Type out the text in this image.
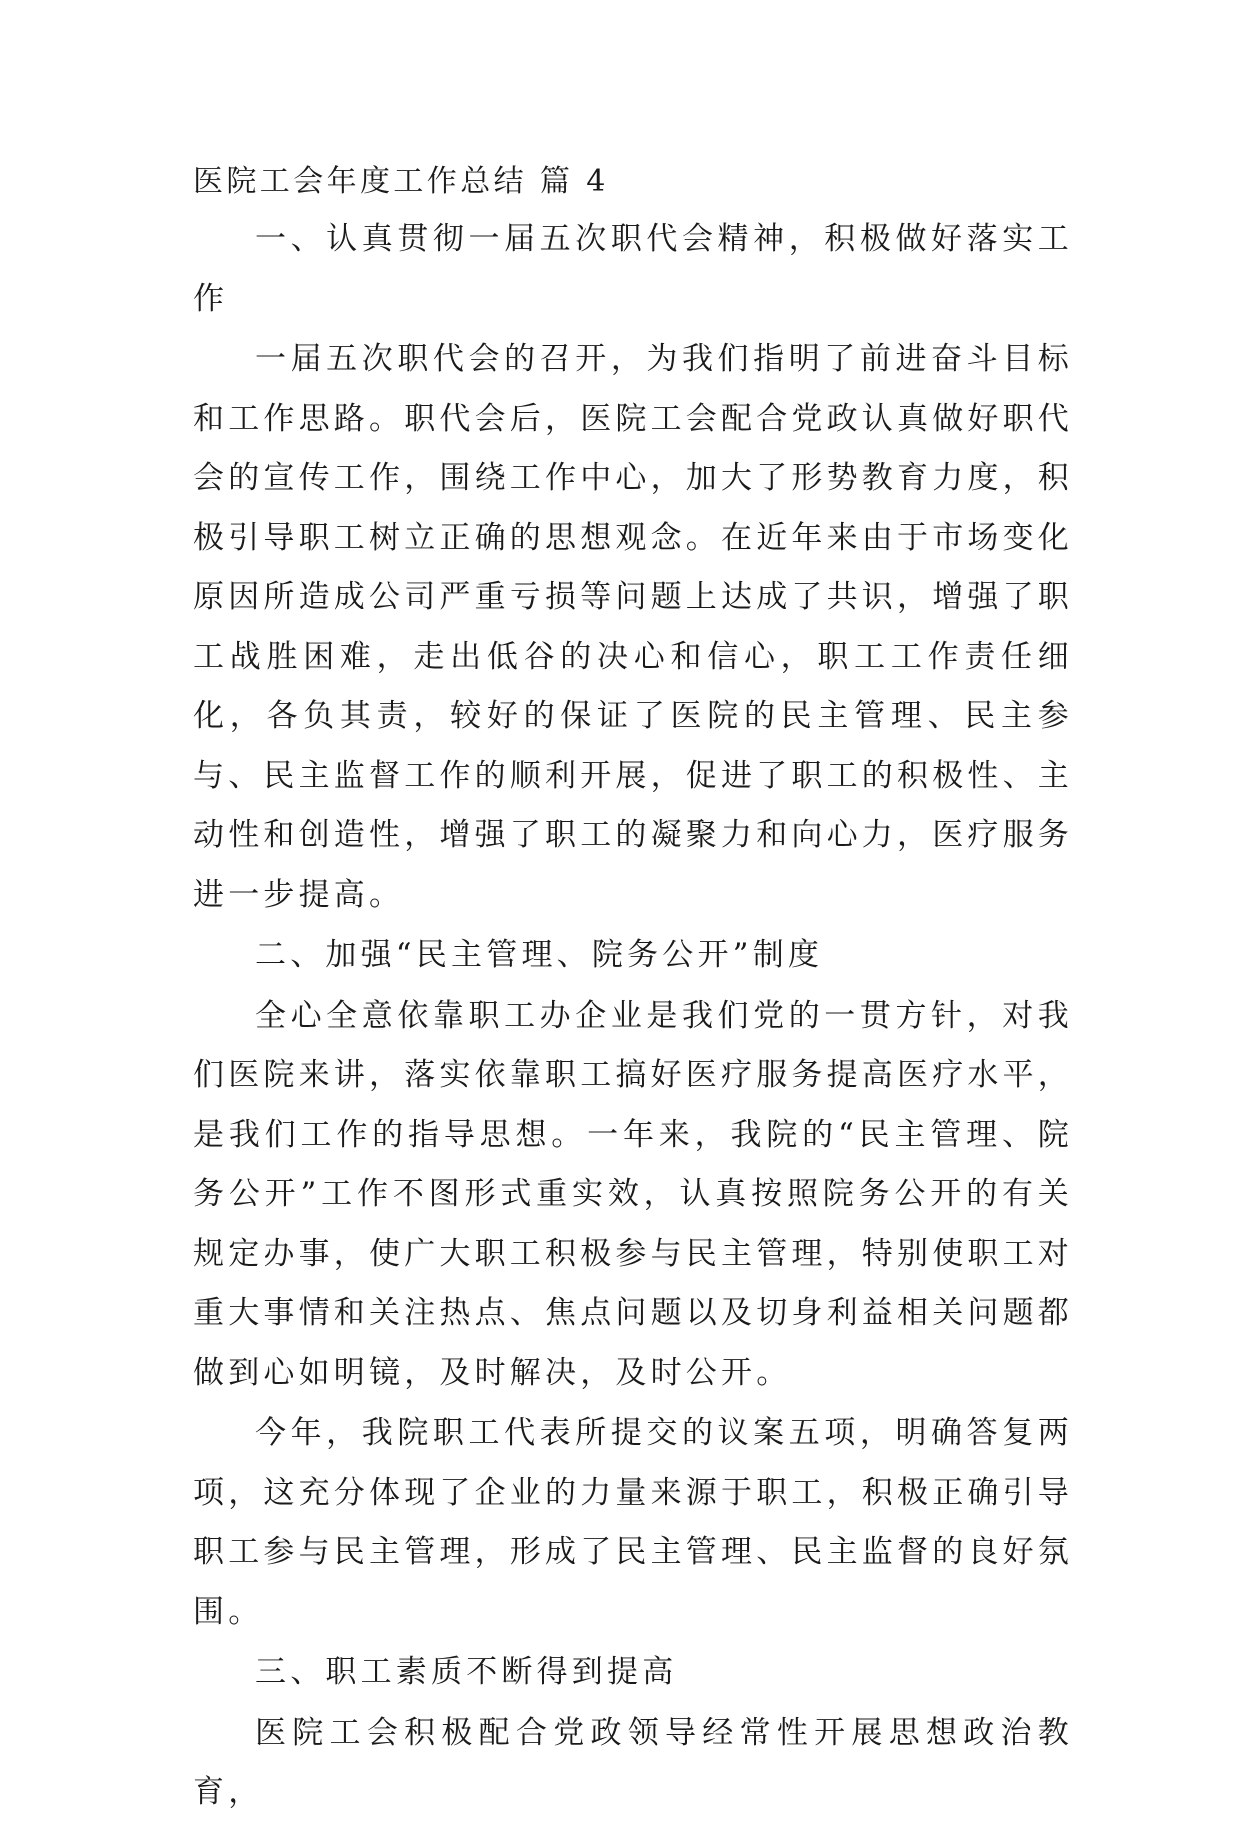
医院工会年度工作总结 篇 4

一、认真贯彻一届五次职代会精神，积极做好落实工作

一届五次职代会的召开，为我们指明了前进奋斗目标和工作思路。职代会后，医院工会配合党政认真做好职代会的宣传工作，围绕工作中心，加大了形势教育力度，积极引导职工树立正确的思想观念。在近年来由于市场变化原因所造成公司严重亏损等问题上达成了共识，增强了职工战胜困难，走出低谷的决心和信心，职工工作责任细化，各负其责，较好的保证了医院的民主管理、民主参与、民主监督工作的顺利开展，促进了职工的积极性、主动性和创造性，增强了职工的凝聚力和向心力，医疗服务进一步提高。

二、加强“民主管理、院务公开”制度

全心全意依靠职工办企业是我们党的一贯方针，对我们医院来讲，落实依靠职工搞好医疗服务提高医疗水平，是我们工作的指导思想。一年来，我院的“民主管理、院务公开”工作不图形式重实效，认真按照院务公开的有关规定办事，使广大职工积极参与民主管理，特别使职工对重大事情和关注热点、焦点问题以及切身利益相关问题都做到心如明镜，及时解决，及时公开。

今年，我院职工代表所提交的议案五项，明确答复两项，这充分体现了企业的力量来源于职工，积极正确引导职工参与民主管理，形成了民主管理、民主监督的良好氛围。

三、职工素质不断得到提高

医院工会积极配合党政领导经常性开展思想政治教育，
